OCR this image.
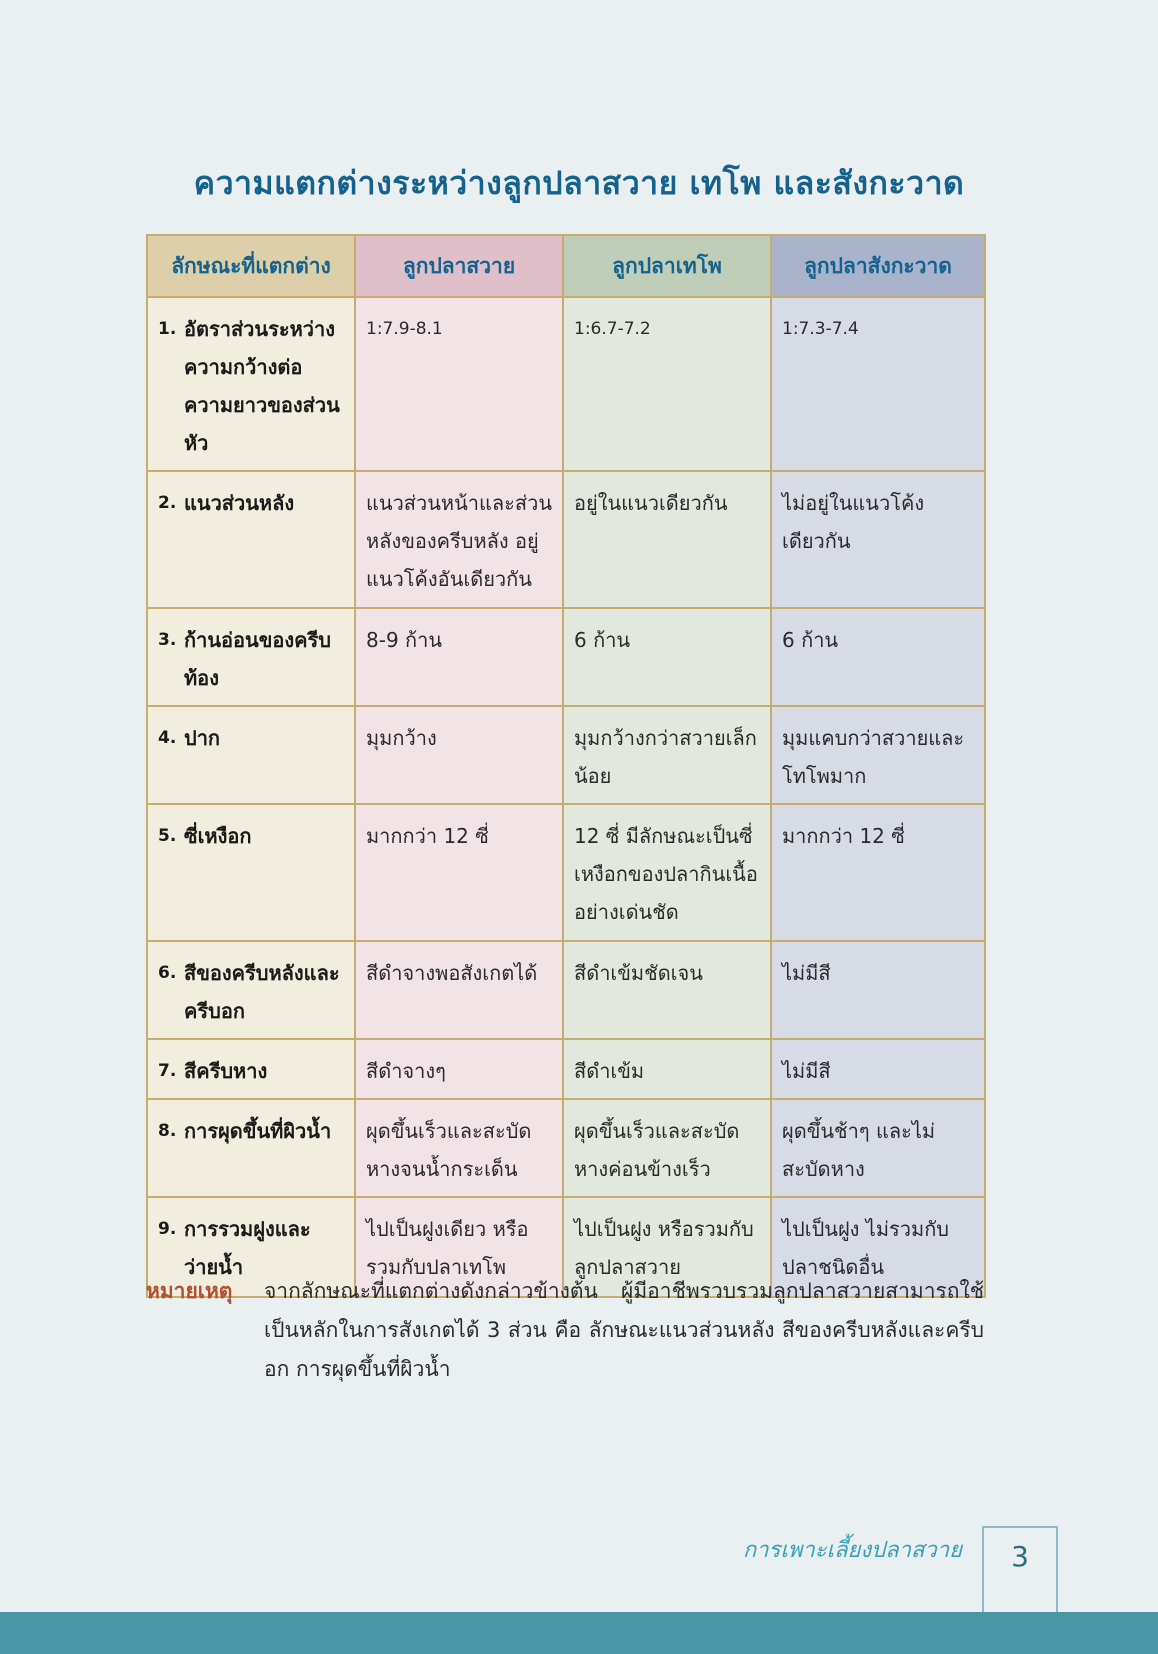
ความแตกต่างระหว่างลูกปลาสวาย เทโพ และสังกะวาด
ลักษณะที่แตกต่าง	ลูกปลาสวาย	ลูกปลาเทโพ	ลูกปลาสังกะวาด

1. อัตราส่วนระหว่างความกว้างต่อความยาวของส่วนหัว	1:7.9-8.1	1:6.7-7.2	1:7.3-7.4

2. แนวส่วนหลัง	แนวส่วนหน้าและส่วนหลังของครีบหลัง อยู่แนวโค้งอันเดียวกัน	อยู่ในแนวเดียวกัน	ไม่อยู่ในแนวโค้งเดียวกัน

3. ก้านอ่อนของครีบท้อง	8-9 ก้าน	6 ก้าน	6 ก้าน

4. ปาก	มุมกว้าง	มุมกว้างกว่าสวายเล็กน้อย	มุมแคบกว่าสวายและโทโพมาก

5. ซี่เหงือก	มากกว่า 12 ซี่	12 ซี่ มีลักษณะเป็นซี่เหงือกของปลากินเนื้ออย่างเด่นชัด	มากกว่า 12 ซี่

6. สีของครีบหลังและครีบอก	สีดำจางพอสังเกตได้	สีดำเข้มชัดเจน	ไม่มีสี

7. สีครีบหาง	สีดำจางๆ	สีดำเข้ม	ไม่มีสี

8. การผุดขึ้นที่ผิวน้ำ	ผุดขึ้นเร็วและสะบัดหางจนน้ำกระเด็น	ผุดขึ้นเร็วและสะบัดหางค่อนข้างเร็ว	ผุดขึ้นช้าๆ และไม่สะบัดหาง

9. การรวมฝูงและว่ายน้ำ	ไปเป็นฝูงเดียว หรือรวมกับปลาเทโพ	ไปเป็นฝูง หรือรวมกับลูกปลาสวาย	ไปเป็นฝูง ไม่รวมกับปลาชนิดอื่น
หมายเหตุ	จากลักษณะที่แตกต่างดังกล่าวข้างต้น ผู้มีอาชีพรวบรวมลูกปลาสวายสามารถใช้เป็นหลักในการสังเกตได้ 3 ส่วน คือ ลักษณะแนวส่วนหลัง สีของครีบหลังและครีบอก การผุดขึ้นที่ผิวน้ำ
การเพาะเลี้ยงปลาสวาย	3
